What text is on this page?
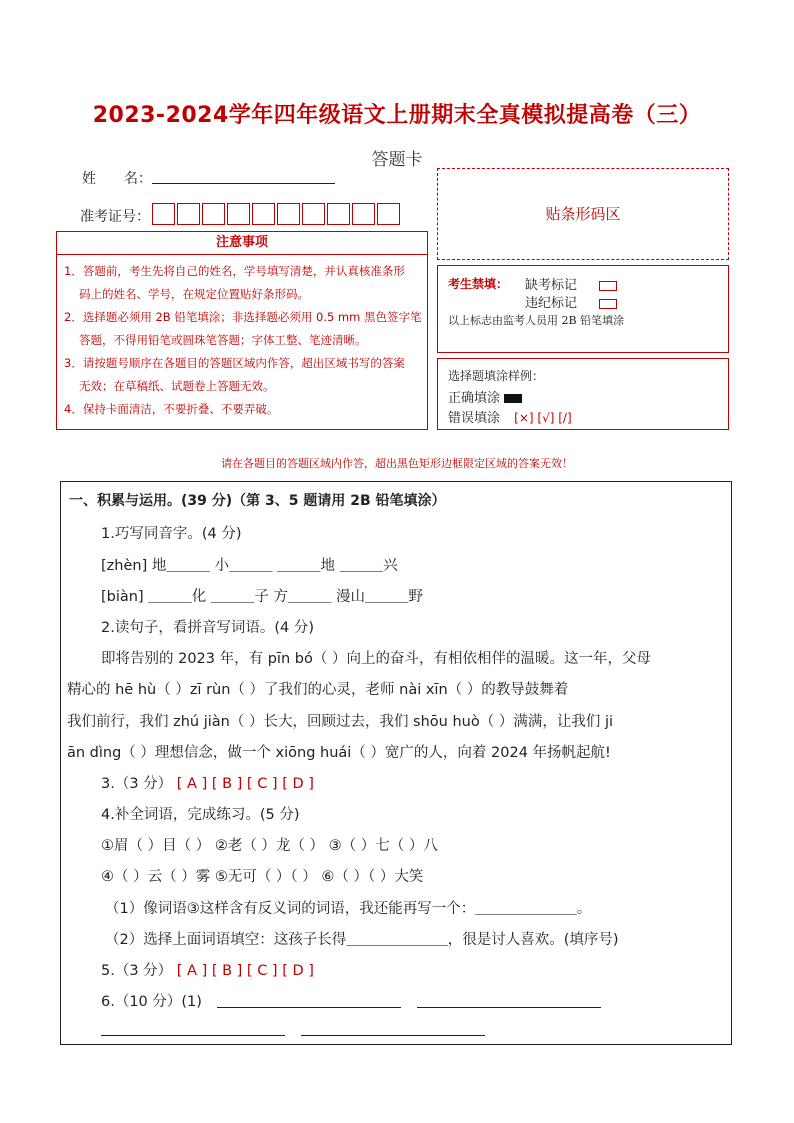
2023-2024学年四年级语文上册期末全真模拟提高卷（三）
答题卡
姓　　名：
准考证号：	贴条形码区
注意事项
1．答题前，考生先将自己的姓名，学号填写清楚，并认真核准条形
码上的姓名、学号，在规定位置贴好条形码。
2．选择题必须用 2B 铅笔填涂；非选择题必须用 0.5 mm 黑色签字笔
答题，不得用铅笔或圆珠笔答题；字体工整、笔迹清晰。
3．请按题号顺序在各题目的答题区域内作答，超出区域书写的答案
无效；在草稿纸、试题卷上答题无效。
4．保持卡面清洁，不要折叠、不要弄破。
考生禁填： 缺考标记
违纪标记
以上标志由监考人员用 2B 铅笔填涂
选择题填涂样例：
正确填涂
错误填涂 [×] [√] [/]
请在各题目的答题区域内作答，超出黑色矩形边框限定区域的答案无效！
一、积累与运用。(39 分)（第 3、5 题请用 2B 铅笔填涂）
1.巧写同音字。(4 分)
[zhèn] 地＿＿＿ 小＿＿＿ ＿＿＿地 ＿＿＿兴
[biàn] ＿＿＿化 ＿＿＿子 方＿＿＿ 漫山＿＿＿野
2.读句子，看拼音写词语。(4 分)
即将告别的 2023 年，有 pīn bó（ ）向上的奋斗，有相依相伴的温暖。这一年，父母
精心的 hē hù（ ）zī rùn（ ）了我们的心灵，老师 nài xīn（ ）的教导鼓舞着
我们前行，我们 zhú jiàn（ ）长大，回顾过去，我们 shōu huò（ ）满满，让我们 ji
ān dìng（ ）理想信念，做一个 xiōng huái（ ）宽广的人，向着 2024 年扬帆起航!
3.（3 分） [ A ] [ B ] [ C ] [ D ]
4.补全词语，完成练习。(5 分)
①眉（ ）目（ ） ②老（ ）龙（ ） ③（ ）七（ ）八
④（ ）云（ ）雾 ⑤无可（ ）（ ） ⑥（ ）（ ）大笑
（1）像词语③这样含有反义词的词语，我还能再写一个：＿＿＿＿＿＿＿。
（2）选择上面词语填空：这孩子长得＿＿＿＿＿＿＿，很是讨人喜欢。(填序号)
5.（3 分） [ A ] [ B ] [ C ] [ D ]
6.（10 分）(1)
